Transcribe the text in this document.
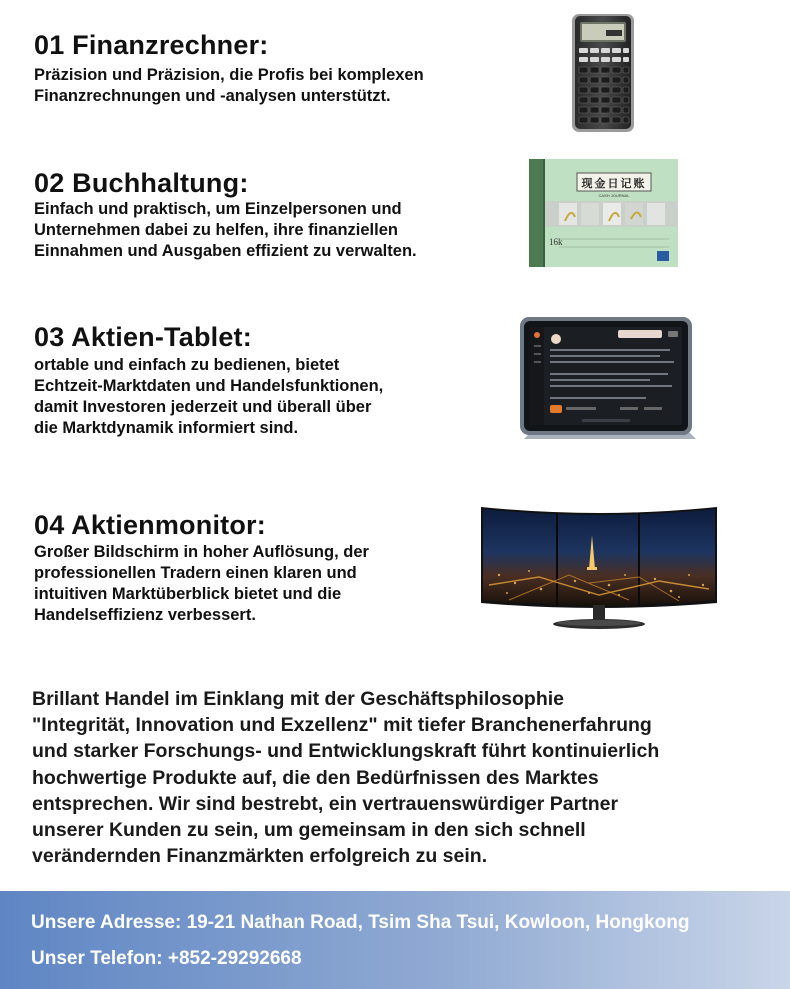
01 Finanzrechner:
Präzision und Präzision, die Profis bei komplexen
Finanzrechnungen und -analysen unterstützt.
02 Buchhaltung:
Einfach und praktisch, um Einzelpersonen und
Unternehmen dabei zu helfen, ihre finanziellen
Einnahmen und Ausgaben effizient zu verwalten.
现金日记账
CASH JOURNAL
16k
03 Aktien-Tablet:
ortable und einfach zu bedienen, bietet
Echtzeit-Marktdaten und Handelsfunktionen,
damit Investoren jederzeit und überall über
die Marktdynamik informiert sind.
04 Aktienmonitor:
Großer Bildschirm in hoher Auflösung, der
professionellen Tradern einen klaren und
intuitiven Marktüberblick bietet und die
Handelseffizienz verbessert.
Brillant Handel im Einklang mit der Geschäftsphilosophie
"Integrität, Innovation und Exzellenz" mit tiefer Branchenerfahrung
und starker Forschungs- und Entwicklungskraft führt kontinuierlich
hochwertige Produkte auf, die den Bedürfnissen des Marktes
entsprechen. Wir sind bestrebt, ein vertrauenswürdiger Partner
unserer Kunden zu sein, um gemeinsam in den sich schnell
verändernden Finanzmärkten erfolgreich zu sein.
Unsere Adresse: 19-21 Nathan Road, Tsim Sha Tsui, Kowloon, Hongkong
Unser Telefon: +852-29292668
